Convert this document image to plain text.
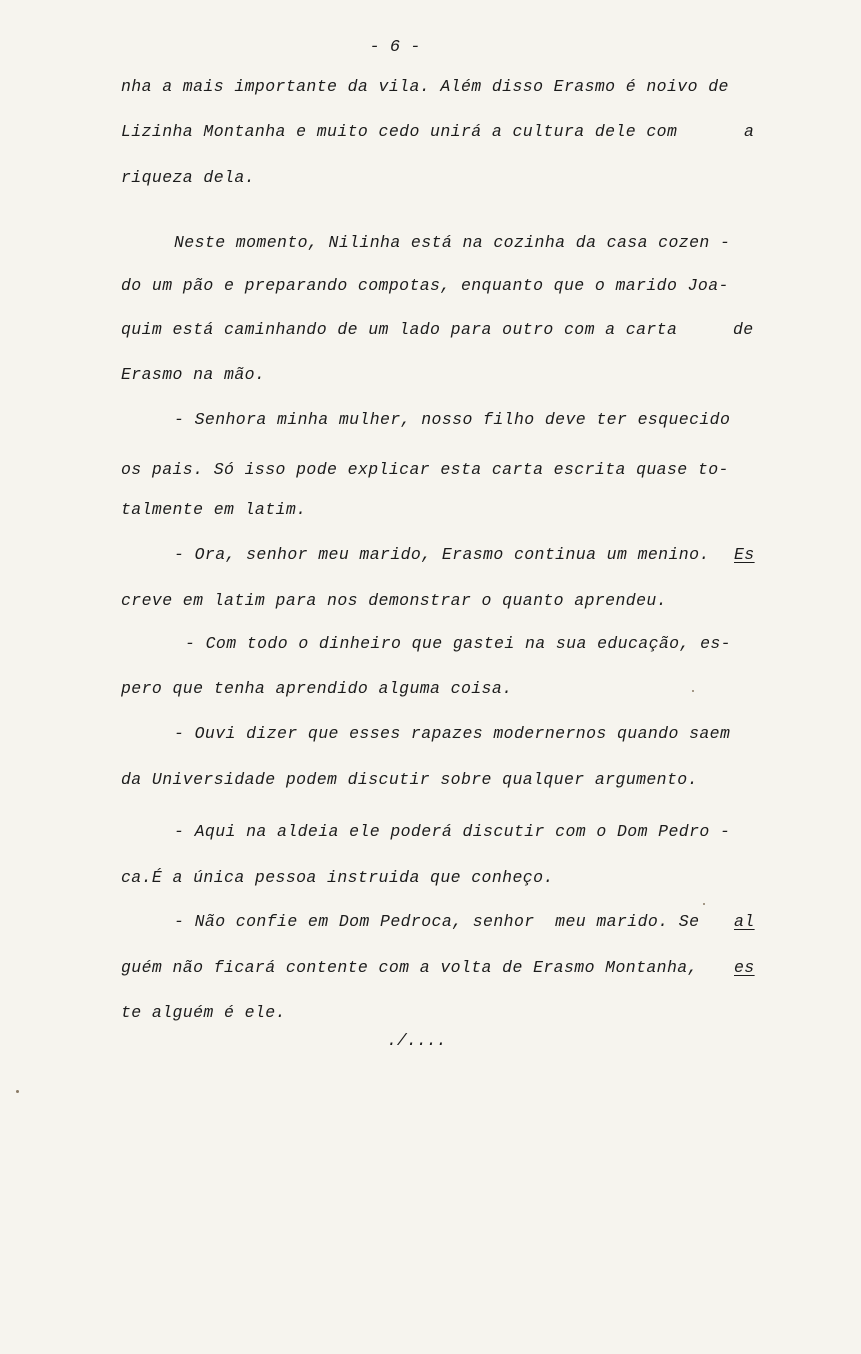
- 6 -
nha a mais importante da vila. Além disso Erasmo é noivo de
Lizinha Montanha e muito cedo unirá a cultura dele com	a
riqueza dela.
Neste momento, Nilinha está na cozinha da casa cozen -
do um pão e preparando compotas, enquanto que o marido Joa-
quim está caminhando de um lado para outro com a carta	de
Erasmo na mão.
- Senhora minha mulher, nosso filho deve ter esquecido
os pais. Só isso pode explicar esta carta escrita quase to-
talmente em latim.
- Ora, senhor meu marido, Erasmo continua um menino. Es
creve em latim para nos demonstrar o quanto aprendeu.
- Com todo o dinheiro que gastei na sua educação, es-
pero que tenha aprendido alguma coisa.
- Ouvi dizer que esses rapazes modernernos quando saem
da Universidade podem discutir sobre qualquer argumento.
- Aqui na aldeia ele poderá discutir com o Dom Pedro -
ca.É a única pessoa instruida que conheço.
- Não confie em Dom Pedroca, senhor  meu marido. Se al
guém não ficará contente com a volta de Erasmo Montanha, es
te alguém é ele.
./....
